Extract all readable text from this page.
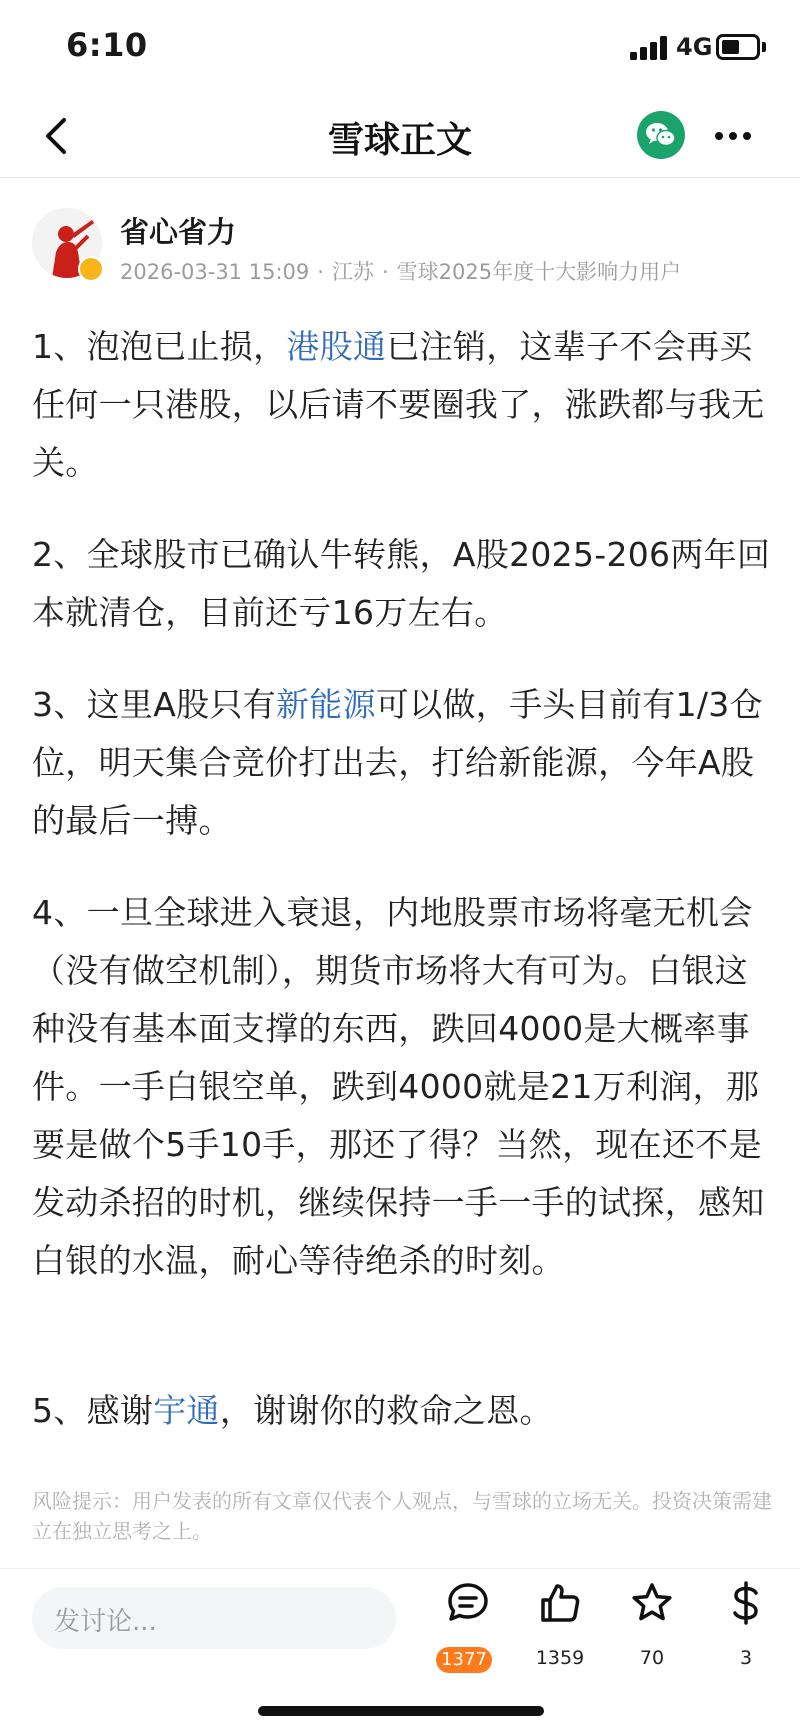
6:10	4G
雪球正文
省心省力
2026-03-31 15:09 · 江苏 · 雪球2025年度十大影响力用户
1、泡泡已止损，港股通已注销，这辈子不会再买任何一只港股，以后请不要圈我了，涨跌都与我无关。
2、全球股市已确认牛转熊，A股2025-206两年回本就清仓，目前还亏16万左右。
3、这里A股只有新能源可以做，手头目前有1/3仓位，明天集合竞价打出去，打给新能源，今年A股的最后一搏。
4、一旦全球进入衰退，内地股票市场将毫无机会（没有做空机制），期货市场将大有可为。白银这种没有基本面支撑的东西，跌回4000是大概率事件。一手白银空单，跌到4000就是21万利润，那要是做个5手10手，那还了得？当然，现在还不是发动杀招的时机，继续保持一手一手的试探，感知白银的水温，耐心等待绝杀的时刻。
5、感谢宇通，谢谢你的救命之恩。
风险提示：用户发表的所有文章仅代表个人观点，与雪球的立场无关。投资决策需建立在独立思考之上。
发讨论...
1377	1359	70	3
